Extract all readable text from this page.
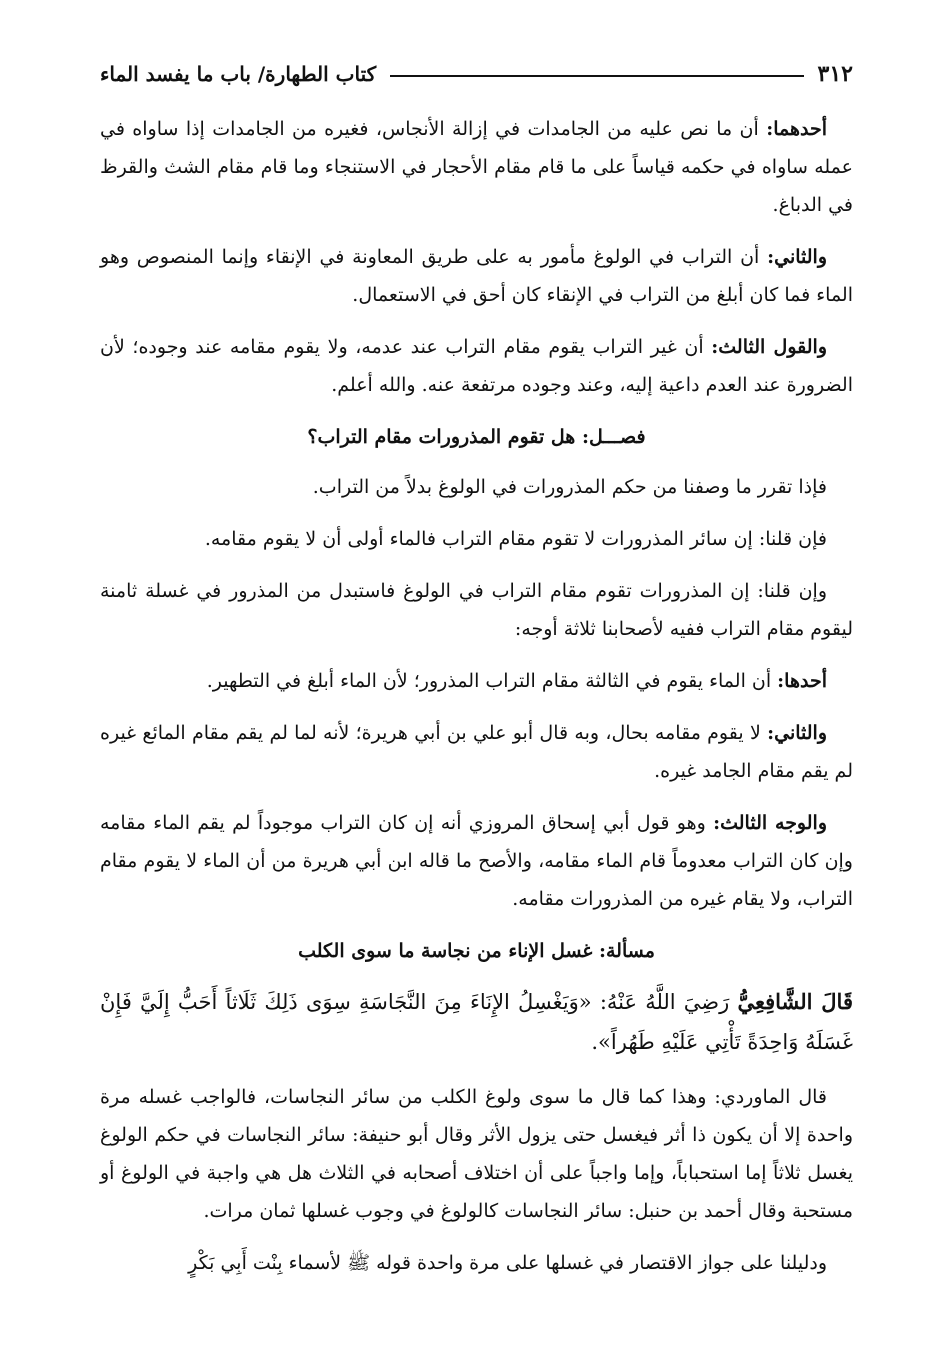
٣١٢
كتاب الطهارة/ باب ما يفسد الماء

أحدهما: أن ما نص عليه من الجامدات في إزالة الأنجاس، فغيره من الجامدات إذا ساواه في عمله ساواه في حكمه قياساً على ما قام مقام الأحجار في الاستنجاء وما قام مقام الشث والقرظ في الدباغ.

والثاني: أن التراب في الولوغ مأمور به على طريق المعاونة في الإنقاء وإنما المنصوص وهو الماء فما كان أبلغ من التراب في الإنقاء كان أحق في الاستعمال.

والقول الثالث: أن غير التراب يقوم مقام التراب عند عدمه، ولا يقوم مقامه عند وجوده؛ لأن الضرورة عند العدم داعية إليه، وعند وجوده مرتفعة عنه. والله أعلم.

فصـــل: هل تقوم المذرورات مقام التراب؟

فإذا تقرر ما وصفنا من حكم المذرورات في الولوغ بدلاً من التراب.

فإن قلنا: إن سائر المذرورات لا تقوم مقام التراب فالماء أولى أن لا يقوم مقامه.

وإن قلنا: إن المذرورات تقوم مقام التراب في الولوغ فاستبدل من المذرور في غسلة ثامنة ليقوم مقام التراب ففيه لأصحابنا ثلاثة أوجه:

أحدها: أن الماء يقوم في الثالثة مقام التراب المذرور؛ لأن الماء أبلغ في التطهير.

والثاني: لا يقوم مقامه بحال، وبه قال أبو علي بن أبي هريرة؛ لأنه لما لم يقم مقام المائع غيره لم يقم مقام الجامد غيره.

والوجه الثالث: وهو قول أبي إسحاق المروزي أنه إن كان التراب موجوداً لم يقم الماء مقامه وإن كان التراب معدوماً قام الماء مقامه، والأصح ما قاله ابن أبي هريرة من أن الماء لا يقوم مقام التراب، ولا يقام غيره من المذرورات مقامه.

مسألة: غسل الإناء من نجاسة ما سوى الكلب
قَالَ الشَّافِعِيُّ رَضِيَ اللَّهُ عَنْهُ: «وَيَغْسِلُ الإِنَاءَ مِنَ النَّجَاسَةِ سِوَى ذَلِكَ ثَلَاثاً أَحَبُّ إِلَيَّ فَإِنْ غَسَلَهُ وَاحِدَةً تَأْتِي عَلَيْهِ طَهُراً».

قال الماوردي: وهذا كما قال ما سوى ولوغ الكلب من سائر النجاسات، فالواجب غسله مرة واحدة إلا أن يكون ذا أثر فيغسل حتى يزول الأثر وقال أبو حنيفة: سائر النجاسات في حكم الولوغ يغسل ثلاثاً إما استحباباً، وإما واجباً على أن اختلاف أصحابه في الثلاث هل هي واجبة في الولوغ أو مستحبة وقال أحمد بن حنبل: سائر النجاسات كالولوغ في وجوب غسلها ثمان مرات.

ودليلنا على جواز الاقتصار في غسلها على مرة واحدة قوله ﷺ لأسماء بِنْت أَبِي بَكْرٍ
